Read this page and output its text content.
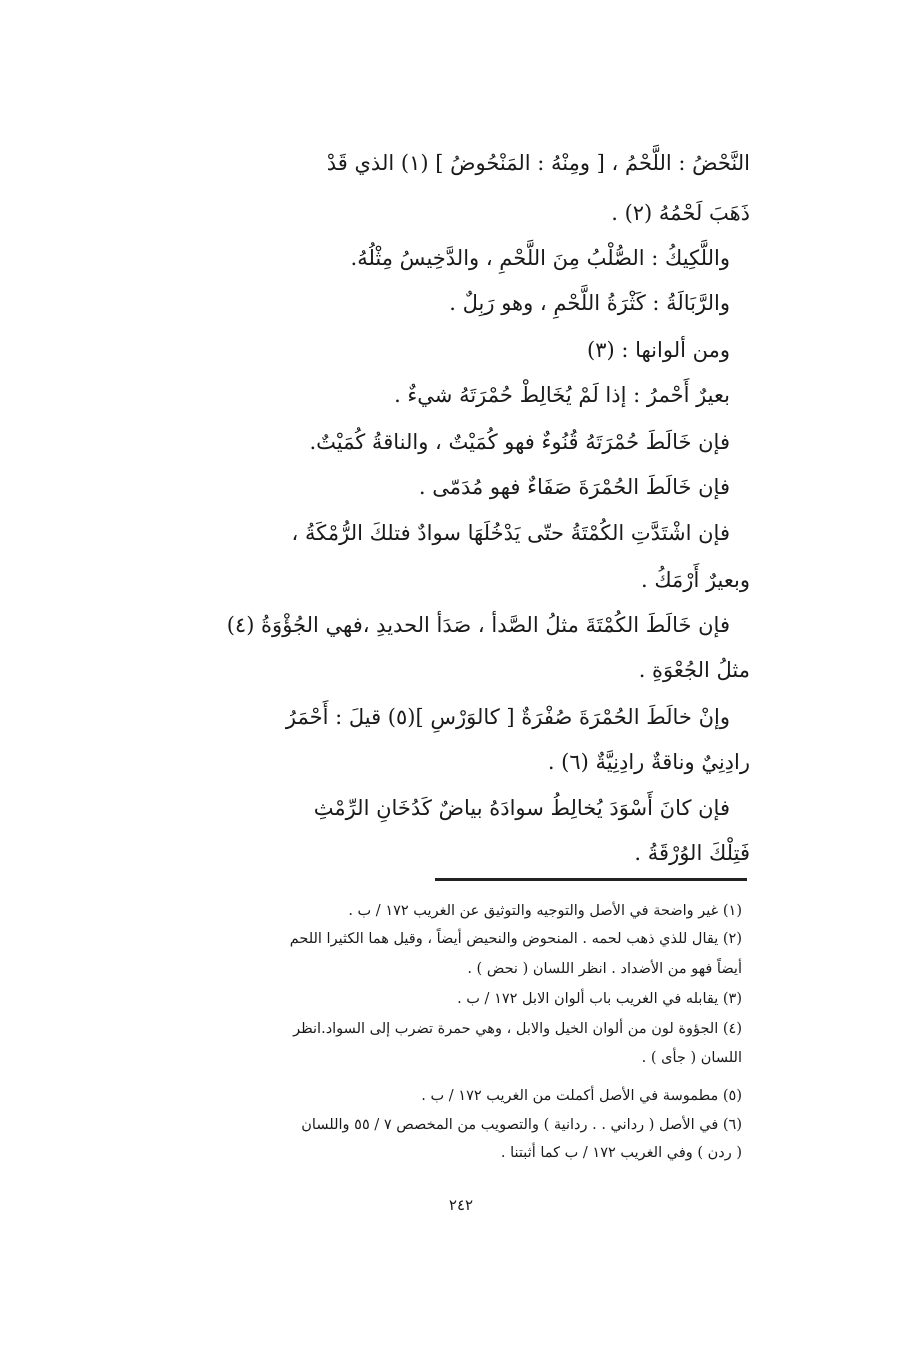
النَّحْضُ : اللَّحْمُ ، [ ومِنْهُ : المَنْحُوضُ ] (١) الذي قَدْ
ذَهَبَ لَحْمُهُ (٢) .
واللَّكِيكُ : الصُّلْبُ مِنَ اللَّحْمِ ، والدَّخِيسُ مِثْلُهُ.
والرَّبَالَةُ : كَثْرَةُ اللَّحْمِ ، وهو رَبِلٌ .
ومن ألوانها : (٣)
بعيرٌ أَحْمرُ : إذا لَمْ يُخَالِطْ حُمْرَتَهُ شيءٌ .
فإن خَالَطَ حُمْرَتَهُ قُنُوءٌ فهو كُمَيْتٌ ، والناقةُ كُمَيْتٌ.
فإن خَالَطَ الحُمْرَةَ صَفَاءٌ فهو مُدَمّى .
فإن اشْتَدَّتِ الكُمْتَةُ حتّى يَدْخُلَهَا سوادٌ فتلكَ الرُّمْكَةُ ،
وبعيرٌ أَرْمَكُ .
فإن خَالَطَ الكُمْتَةَ مثلُ الصَّدأ ، صَدَأ الحديدِ ،فهي الجُؤْوَةُ (٤)
مثلُ الجُعْوَةِ .
وإنْ خالَطَ الحُمْرَةَ صُفْرَةٌ [ كالوَرْسِ ](٥) قيلَ : أَحْمَرُ
رادِنِيٌ وناقةٌ رادِنِيَّةٌ (٦) .
فإن كانَ أَسْوَدَ يُخالِطُ سوادَهُ بياضٌ كَدُخَانِ الرِّمْثِ
فَتِلْكَ الوُرْقَةُ .
(١) غير واضحة في الأصل والتوجيه والتوثيق عن الغريب ١٧٢ / ب .
(٢) يقال للذي ذهب لحمه . المنحوض والنحيض أيضاً ، وقيل هما الكثيرا اللحم
أيضاً فهو من الأضداد . انظر اللسان ( نحض ) .
(٣) يقابله في الغريب باب ألوان الابل ١٧٢ / ب .
(٤) الجؤوة لون من ألوان الخيل والابل ، وهي حمرة تضرب إلى السواد.انظر
اللسان ( جأى ) .
(٥) مطموسة في الأصل أكملت من الغريب ١٧٢ / ب .
(٦) في الأصل ( رداني . . ردانية ) والتصويب من المخصص ٧ / ٥٥ واللسان
( ردن ) وفي الغريب ١٧٢ / ب كما أثبتنا .
٢٤٢
